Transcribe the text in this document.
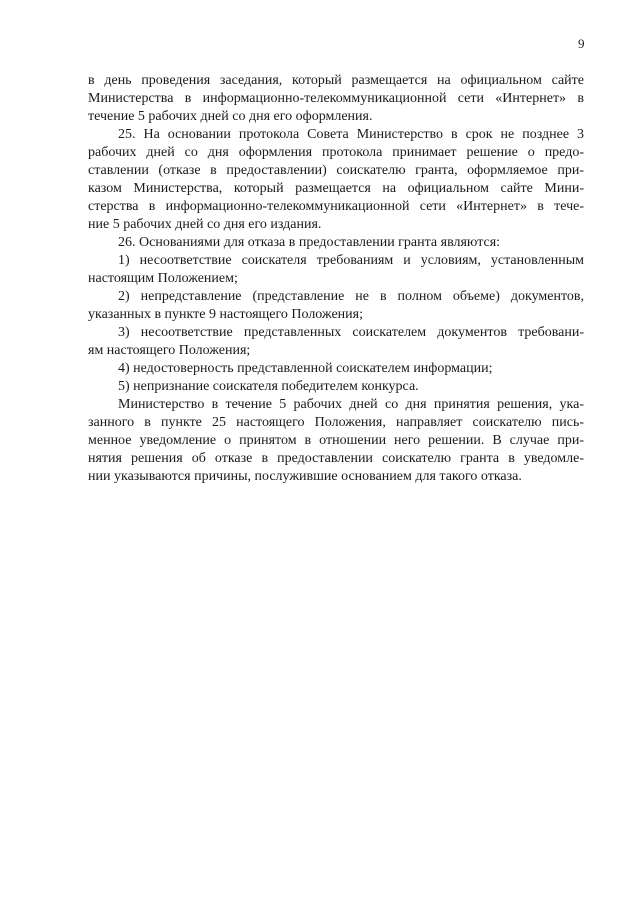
9
в день проведения заседания, который размещается на официальном сайте
Министерства в информационно-телекоммуникационной сети «Интернет» в
течение 5 рабочих дней со дня его оформления.
25. На основании протокола Совета Министерство в срок не позднее 3
рабочих дней со дня оформления протокола принимает решение о предо-
ставлении (отказе в предоставлении) соискателю гранта, оформляемое при-
казом Министерства, который размещается на официальном сайте Мини-
стерства в информационно-телекоммуникационной сети «Интернет» в тече-
ние 5 рабочих дней со дня его издания.
26. Основаниями для отказа в предоставлении гранта являются:
1) несоответствие соискателя требованиям и условиям, установленным
настоящим Положением;
2) непредставление (представление не в полном объеме) документов,
указанных в пункте 9 настоящего Положения;
3) несоответствие представленных соискателем документов требовани-
ям настоящего Положения;
4) недостоверность представленной соискателем информации;
5) непризнание соискателя победителем конкурса.
Министерство в течение 5 рабочих дней со дня принятия решения, ука-
занного в пункте 25 настоящего Положения, направляет соискателю пись-
менное уведомление о принятом в отношении него решении. В случае при-
нятия решения об отказе в предоставлении соискателю гранта в уведомле-
нии указываются причины, послужившие основанием для такого отказа.
